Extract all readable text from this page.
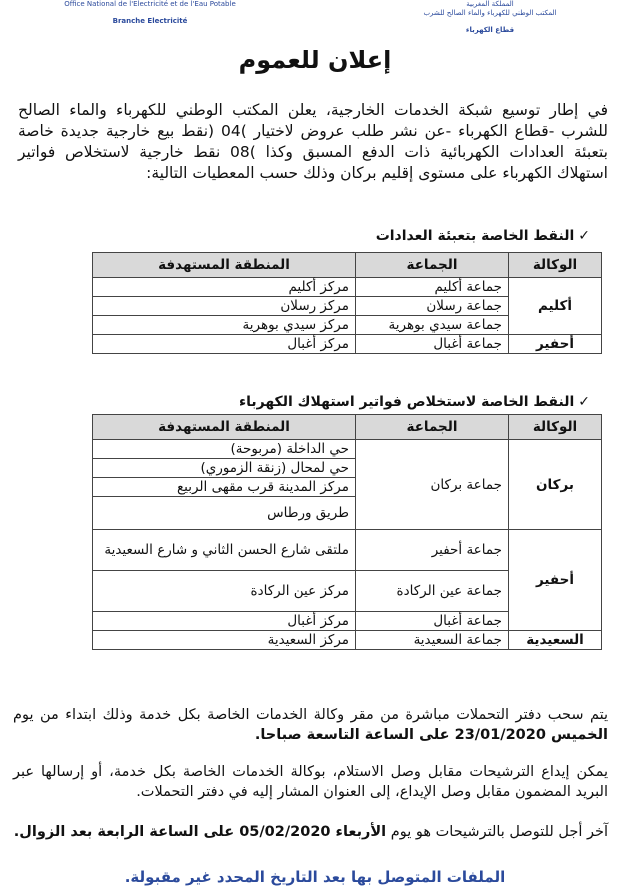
Office National de l'Electricité et de l'Eau Potable
Branche Electricité
المملكة المغربية
المكتب الوطني للكهرباء والماء الصالح للشرب
قطاع الكهرباء
إعلان للعموم
في إطار توسيع شبكة الخدمات الخارجية، يعلن المكتب الوطني للكهرباء والماء الصالح للشرب -قطاع الكهرباء -عن نشر طلب عروض لاختيار )04 (نقط بيع خارجية جديدة خاصة بتعبئة العدادات الكهربائية ذات الدفع المسبق وكذا )08 نقط خارجية لاستخلاص فواتير استهلاك الكهرباء على مستوى إقليم بركان وذلك حسب المعطيات التالية:
✓النقط الخاصة بتعبئة العدادات
الوكالة	الجماعة	المنطقة المستهدفة
أكليم	جماعة أكليم	مركز أكليم
	جماعة رسلان	مركز رسلان
	جماعة سيدي بوهرية	مركز سيدي بوهرية
أحفير	جماعة أغبال	مركز أغبال
✓النقط الخاصة لاستخلاص فواتير استهلاك الكهرباء
الوكالة	الجماعة	المنطقة المستهدفة
بركان	جماعة بركان	حي الداخلة (مربوحة)
		حي لمحال (زنقة الزموري)
		مركز المدينة قرب مقهى الربيع
		طريق ورطاس
أحفير	جماعة أحفير	ملتقى شارع الحسن الثاني و شارع السعيدية
	جماعة عين الركادة	مركز عين الركادة
	جماعة أغبال	مركز أغبال
السعيدية	جماعة السعيدية	مركز السعيدية
يتم سحب دفتر التحملات مباشرة من مقر وكالة الخدمات الخاصة بكل خدمة وذلك ابتداء من يوم الخميس 23/01/2020 على الساعة التاسعة صباحا.
يمكن إيداع الترشيحات مقابل وصل الاستلام، بوكالة الخدمات الخاصة بكل خدمة، أو إرسالها عبر البريد المضمون مقابل وصل الإيداع، إلى العنوان المشار إليه في دفتر التحملات.
آخر أجل للتوصل بالترشيحات هو يوم الأربعاء 05/02/2020 على الساعة الرابعة بعد الزوال.
الملفات المتوصل بها بعد التاريخ المحدد غير مقبولة.
